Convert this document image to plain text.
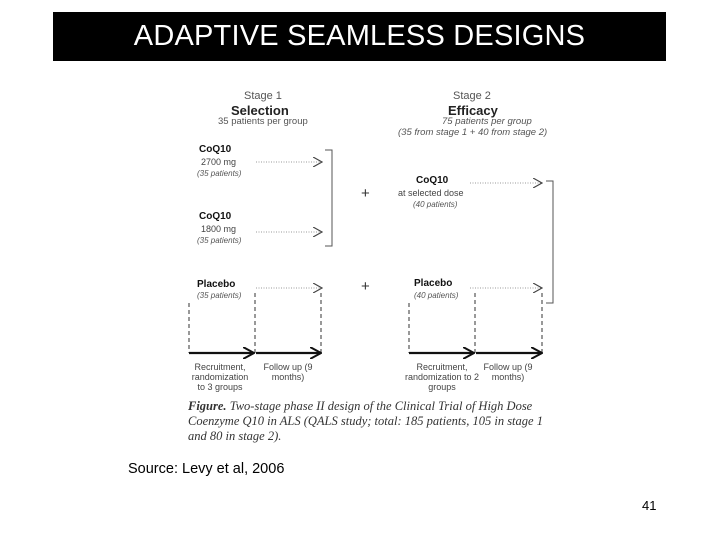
ADAPTIVE SEAMLESS DESIGNS
Stage 1
Selection
35 patients per group
Stage 2
Efficacy
75 patients per group
(35 from stage 1 + 40 from stage 2)
CoQ10
2700 mg
(35 patients)
CoQ10
1800 mg
(35 patients)
Placebo
(35 patients)
+
+
CoQ10
at selected dose
(40 patients)
Placebo
(40 patients)
Recruitment, randomization to 3 groups
Follow up (9 months)
Recruitment, randomization to 2 groups
Follow up (9 months)
Figure. Two-stage phase II design of the Clinical Trial of High Dose Coenzyme Q10 in ALS (QALS study; total: 185 patients, 105 in stage 1 and 80 in stage 2).
Source: Levy et al, 2006
41
